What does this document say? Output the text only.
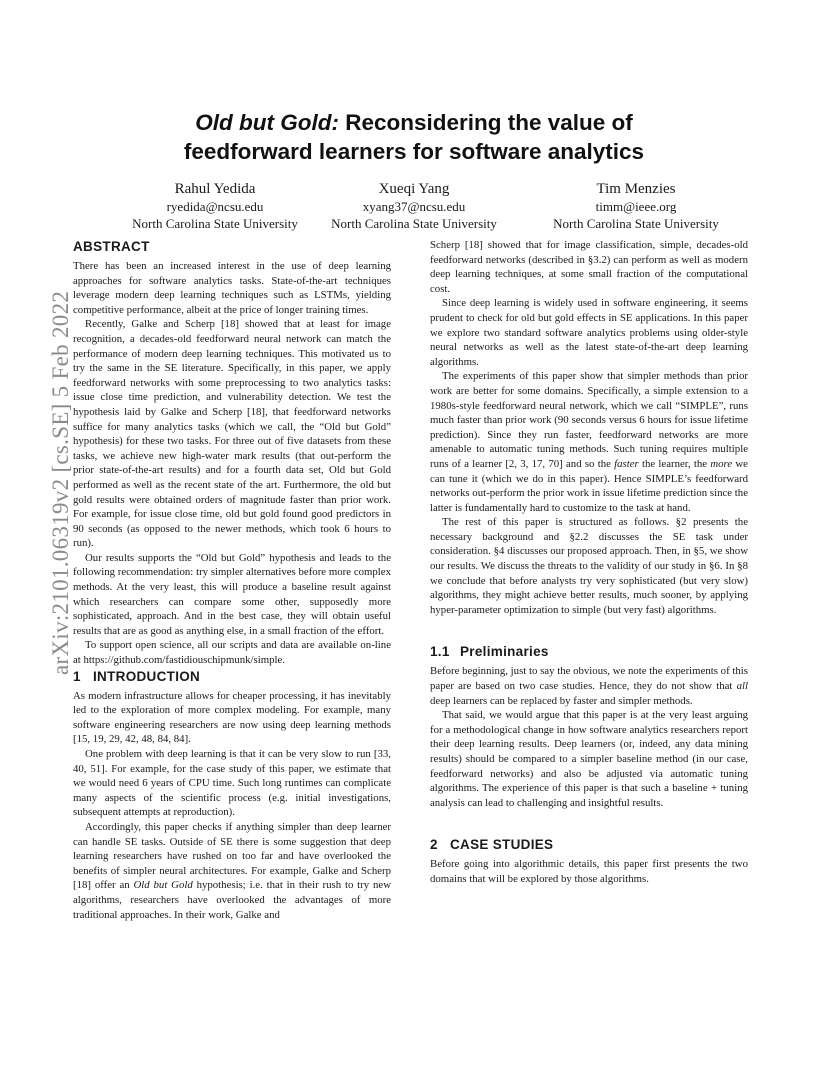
arXiv:2101.06319v2 [cs.SE] 5 Feb 2022
Old but Gold: Reconsidering the value of
feedforward learners for software analytics
Rahul Yedida
ryedida@ncsu.edu
North Carolina State University
Xueqi Yang
xyang37@ncsu.edu
North Carolina State University
Tim Menzies
timm@ieee.org
North Carolina State University
ABSTRACT

There has been an increased interest in the use of deep learning approaches for software analytics tasks. State-of-the-art techniques leverage modern deep learning techniques such as LSTMs, yielding competitive performance, albeit at the price of longer training times.

Recently, Galke and Scherp [18] showed that at least for image recognition, a decades-old feedforward neural network can match the performance of modern deep learning techniques. This motivated us to try the same in the SE literature. Specifically, in this paper, we apply feedforward networks with some preprocessing to two analytics tasks: issue close time prediction, and vulnerability detection. We test the hypothesis laid by Galke and Scherp [18], that feedforward networks suffice for many analytics tasks (which we call, the “Old but Gold” hypothesis) for these two tasks. For three out of five datasets from these tasks, we achieve new high-water mark results (that out-perform the prior state-of-the-art results) and for a fourth data set, Old but Gold performed as well as the recent state of the art. Furthermore, the old but gold results were obtained orders of magnitude faster than prior work. For example, for issue close time, old but gold found good predictors in 90 seconds (as opposed to the newer methods, which took 6 hours to run).

Our results supports the “Old but Gold” hypothesis and leads to the following recommendation: try simpler alternatives before more complex methods. At the very least, this will produce a baseline result against which researchers can compare some other, supposedly more sophisticated, approach. And in the best case, they will obtain useful results that are as good as anything else, in a small fraction of the effort.

To support open science, all our scripts and data are available on-line at https://github.com/fastidiouschipmunk/simple.

1 INTRODUCTION

As modern infrastructure allows for cheaper processing, it has inevitably led to the exploration of more complex modeling. For example, many software engineering researchers are now using deep learning methods [15, 19, 29, 42, 48, 84, 84].

One problem with deep learning is that it can be very slow to run [33, 40, 51]. For example, for the case study of this paper, we estimate that we would need 6 years of CPU time. Such long runtimes can complicate many aspects of the scientific process (e.g. initial investigations, subsequent attempts at reproduction).

Accordingly, this paper checks if anything simpler than deep learner can handle SE tasks. Outside of SE there is some suggestion that deep learning researchers have rushed on too far and have overlooked the benefits of simpler neural architectures. For example, Galke and Scherp [18] offer an Old but Gold hypothesis; i.e. that in their rush to try new algorithms, researchers have overlooked the advantages of more traditional approaches. In their work, Galke and

Scherp [18] showed that for image classification, simple, decades-old feedforward networks (described in §3.2) can perform as well as modern deep learning techniques, at some small fraction of the computational cost.

Since deep learning is widely used in software engineering, it seems prudent to check for old but gold effects in SE applications. In this paper we explore two standard software analytics problems using older-style neural networks as well as the latest state-of-the-art deep learning algorithms.

The experiments of this paper show that simpler methods than prior work are better for some domains. Specifically, a simple extension to a 1980s-style feedforward neural network, which we call “SIMPLE”, runs much faster than prior work (90 seconds versus 6 hours for issue lifetime prediction). Since they run faster, feedforward networks are more amenable to automatic tuning methods. Such tuning requires multiple runs of a learner [2, 3, 17, 70] and so the faster the learner, the more we can tune it (which we do in this paper). Hence SIMPLE’s feedforward networks out-perform the prior work in issue lifetime prediction since the latter is fundamentally hard to customize to the task at hand.

The rest of this paper is structured as follows. §2 presents the necessary background and §2.2 discusses the SE task under consideration. §4 discusses our proposed approach. Then, in §5, we show our results. We discuss the threats to the validity of our study in §6. In §8 we conclude that before analysts try very sophisticated (but very slow) algorithms, they might achieve better results, much sooner, by applying hyper-parameter optimization to simple (but very fast) algorithms.

1.1 Preliminaries

Before beginning, just to say the obvious, we note the experiments of this paper are based on two case studies. Hence, they do not show that all deep learners can be replaced by faster and simpler methods.

That said, we would argue that this paper is at the very least arguing for a methodological change in how software analytics researchers report their deep learning results. Deep learners (or, indeed, any data mining results) should be compared to a simpler baseline method (in our case, feedforward networks) and also be adjusted via automatic tuning algorithms. The experience of this paper is that such a baseline + tuning analysis can lead to challenging and insightful results.

2 CASE STUDIES

Before going into algorithmic details, this paper first presents the two domains that will be explored by those algorithms.
